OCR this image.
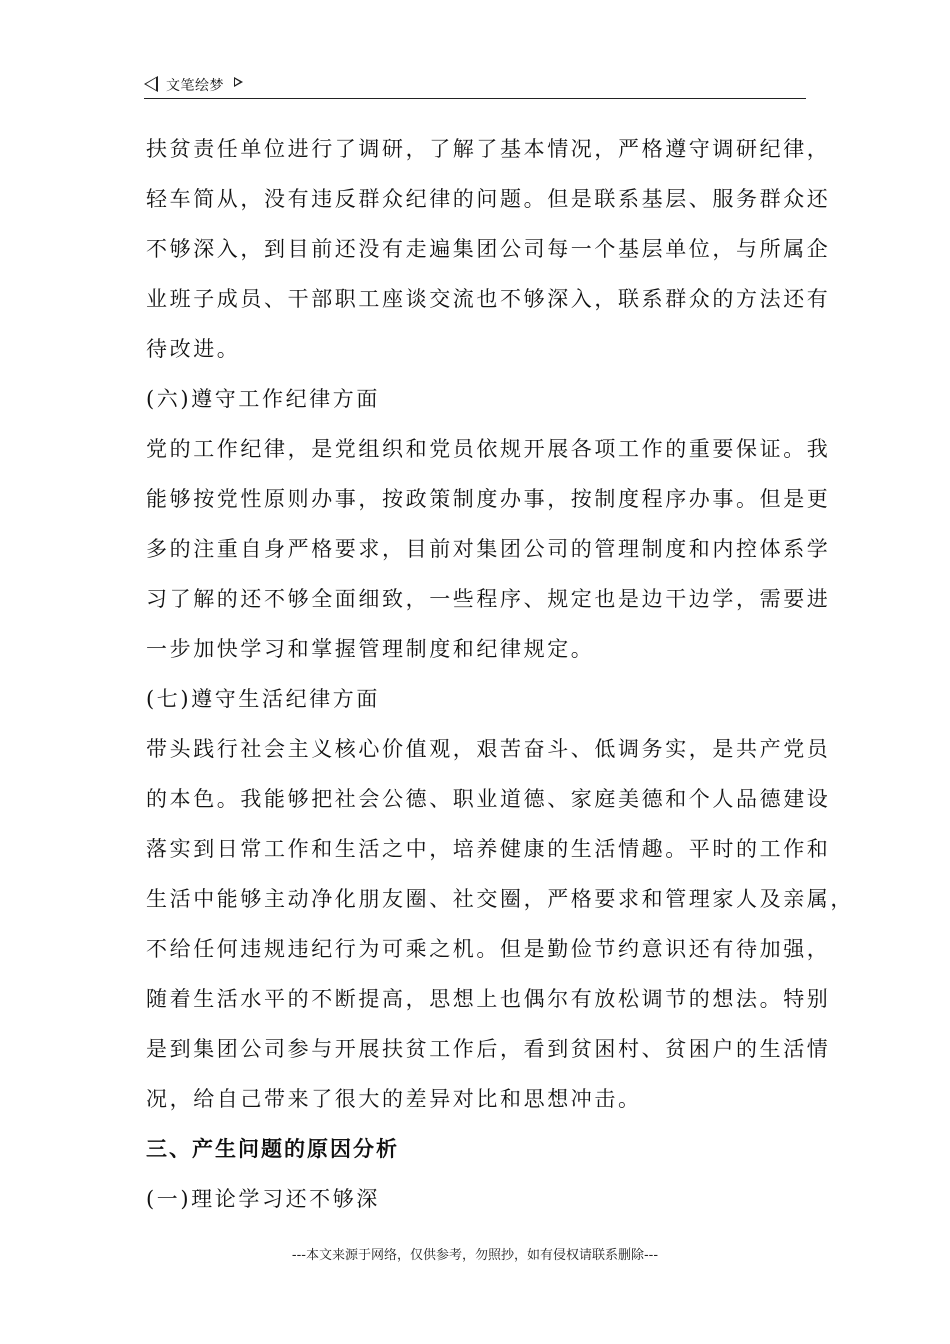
文笔绘梦
扶贫责任单位进行了调研，了解了基本情况，严格遵守调研纪律，
轻车简从，没有违反群众纪律的问题。但是联系基层、服务群众还
不够深入，到目前还没有走遍集团公司每一个基层单位，与所属企
业班子成员、干部职工座谈交流也不够深入，联系群众的方法还有
待改进。
(六)遵守工作纪律方面
党的工作纪律，是党组织和党员依规开展各项工作的重要保证。我
能够按党性原则办事，按政策制度办事，按制度程序办事。但是更
多的注重自身严格要求，目前对集团公司的管理制度和内控体系学
习了解的还不够全面细致，一些程序、规定也是边干边学，需要进
一步加快学习和掌握管理制度和纪律规定。
(七)遵守生活纪律方面
带头践行社会主义核心价值观，艰苦奋斗、低调务实，是共产党员
的本色。我能够把社会公德、职业道德、家庭美德和个人品德建设
落实到日常工作和生活之中，培养健康的生活情趣。平时的工作和
生活中能够主动净化朋友圈、社交圈，严格要求和管理家人及亲属，
不给任何违规违纪行为可乘之机。但是勤俭节约意识还有待加强，
随着生活水平的不断提高，思想上也偶尔有放松调节的想法。特别
是到集团公司参与开展扶贫工作后，看到贫困村、贫困户的生活情
况，给自己带来了很大的差异对比和思想冲击。
三、产生问题的原因分析
(一)理论学习还不够深
---本文来源于网络，仅供参考，勿照抄，如有侵权请联系删除---
